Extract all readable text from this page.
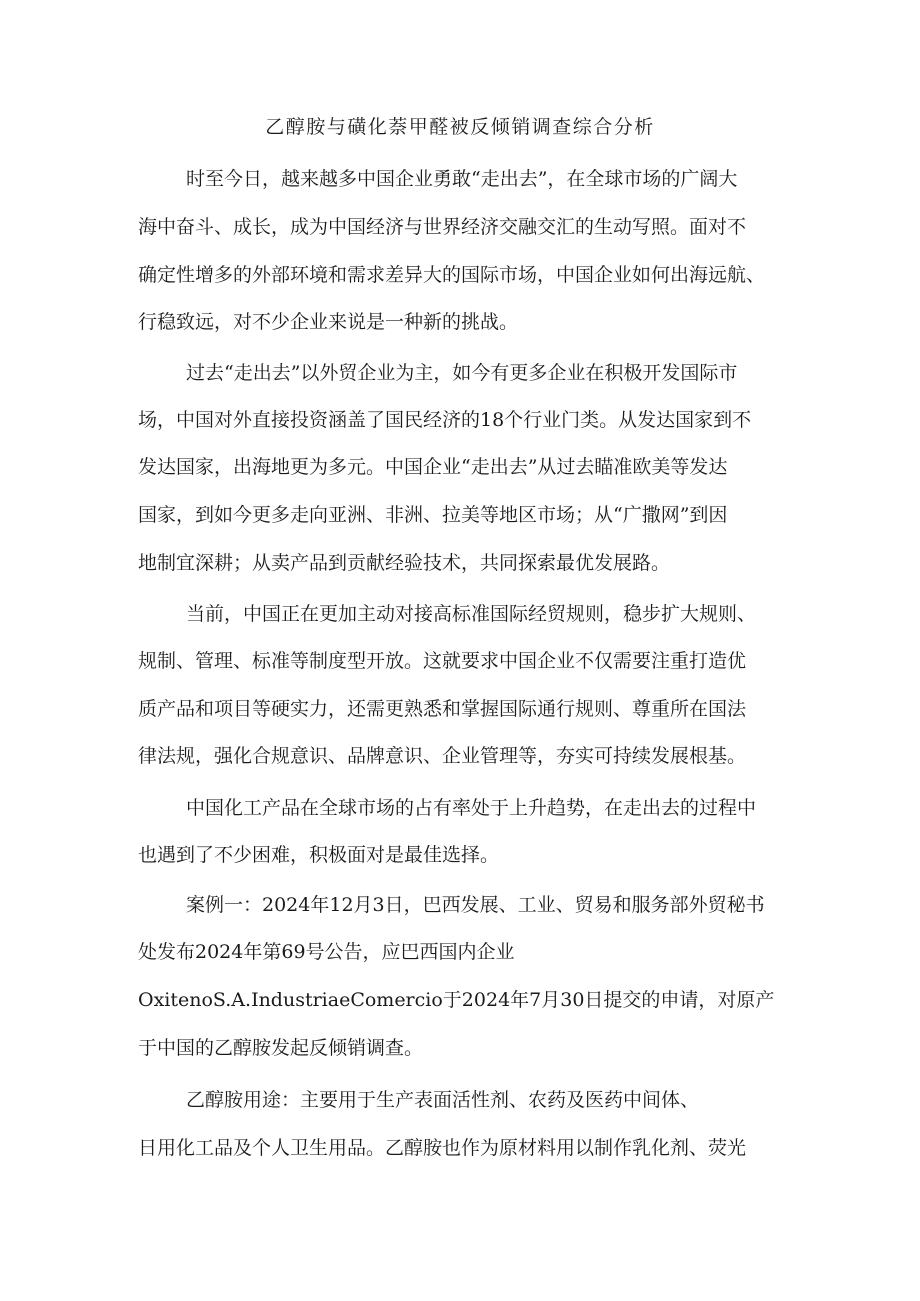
乙醇胺与磺化萘甲醛被反倾销调查综合分析
时至今日，越来越多中国企业勇敢“走出去”，在全球市场的广阔大
海中奋斗、成长，成为中国经济与世界经济交融交汇的生动写照。面对不
确定性增多的外部环境和需求差异大的国际市场，中国企业如何出海远航、
行稳致远，对不少企业来说是一种新的挑战。
过去“走出去”以外贸企业为主，如今有更多企业在积极开发国际市
场，中国对外直接投资涵盖了国民经济的18个行业门类。从发达国家到不
发达国家，出海地更为多元。中国企业“走出去”从过去瞄准欧美等发达
国家，到如今更多走向亚洲、非洲、拉美等地区市场；从“广撒网”到因
地制宜深耕；从卖产品到贡献经验技术，共同探索最优发展路。
当前，中国正在更加主动对接高标准国际经贸规则，稳步扩大规则、
规制、管理、标准等制度型开放。这就要求中国企业不仅需要注重打造优
质产品和项目等硬实力，还需更熟悉和掌握国际通行规则、尊重所在国法
律法规，强化合规意识、品牌意识、企业管理等，夯实可持续发展根基。
中国化工产品在全球市场的占有率处于上升趋势，在走出去的过程中
也遇到了不少困难，积极面对是最佳选择。
案例一：2024年12月3日，巴西发展、工业、贸易和服务部外贸秘书
处发布2024年第69号公告，应巴西国内企业
OxitenoS.A.IndustriaeComercio于2024年7月30日提交的申请，对原产
于中国的乙醇胺发起反倾销调查。
乙醇胺用途：主要用于生产表面活性剂、农药及医药中间体、
日用化工品及个人卫生用品。乙醇胺也作为原材料用以制作乳化剂、荧光
